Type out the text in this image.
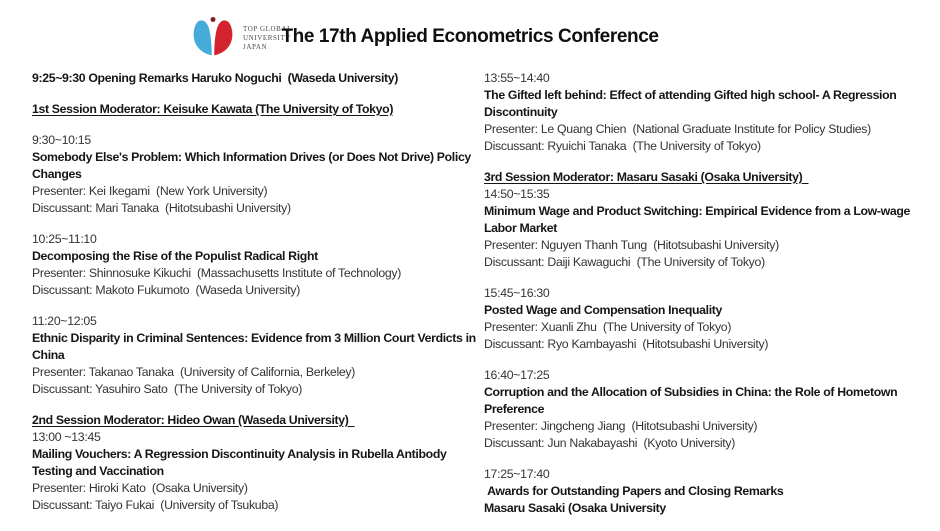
TOP GLOBAL
UNIVERSITY
JAPAN The 17th Applied Econometrics Conference
9:25~9:30 Opening Remarks Haruko Noguchi  (Waseda University)
1st Session Moderator: Keisuke Kawata (The University of Tokyo)
9:30~10:15
Somebody Else's Problem: Which Information Drives (or Does Not Drive) Policy Changes
Presenter: Kei Ikegami  (New York University)
Discussant: Mari Tanaka  (Hitotsubashi University)
10:25~11:10
Decomposing the Rise of the Populist Radical Right
Presenter: Shinnosuke Kikuchi  (Massachusetts Institute of Technology)
Discussant: Makoto Fukumoto  (Waseda University)
11:20~12:05
Ethnic Disparity in Criminal Sentences: Evidence from 3 Million Court Verdicts in China
Presenter: Takanao Tanaka  (University of California, Berkeley)
Discussant: Yasuhiro Sato  (The University of Tokyo)
2nd Session Moderator: Hideo Owan (Waseda University)
13:00 ~13:45
Mailing Vouchers: A Regression Discontinuity Analysis in Rubella Antibody Testing and Vaccination
Presenter: Hiroki Kato  (Osaka University)
Discussant: Taiyo Fukai  (University of Tsukuba)
13:55~14:40
The Gifted left behind: Effect of attending Gifted high school- A Regression Discontinuity
Presenter: Le Quang Chien  (National Graduate Institute for Policy Studies)
Discussant: Ryuichi Tanaka  (The University of Tokyo)
3rd Session Moderator: Masaru Sasaki (Osaka University)
14:50~15:35
Minimum Wage and Product Switching: Empirical Evidence from a Low-wage Labor Market
Presenter: Nguyen Thanh Tung  (Hitotsubashi University)
Discussant: Daiji Kawaguchi  (The University of Tokyo)
15:45~16:30
Posted Wage and Compensation Inequality
Presenter: Xuanli Zhu  (The University of Tokyo)
Discussant: Ryo Kambayashi  (Hitotsubashi University)
16:40~17:25
Corruption and the Allocation of Subsidies in China: the Role of Hometown Preference
Presenter: Jingcheng Jiang  (Hitotsubashi University)
Discussant: Jun Nakabayashi  (Kyoto University)
17:25~17:40
Awards for Outstanding Papers and Closing Remarks
Masaru Sasaki (Osaka University
